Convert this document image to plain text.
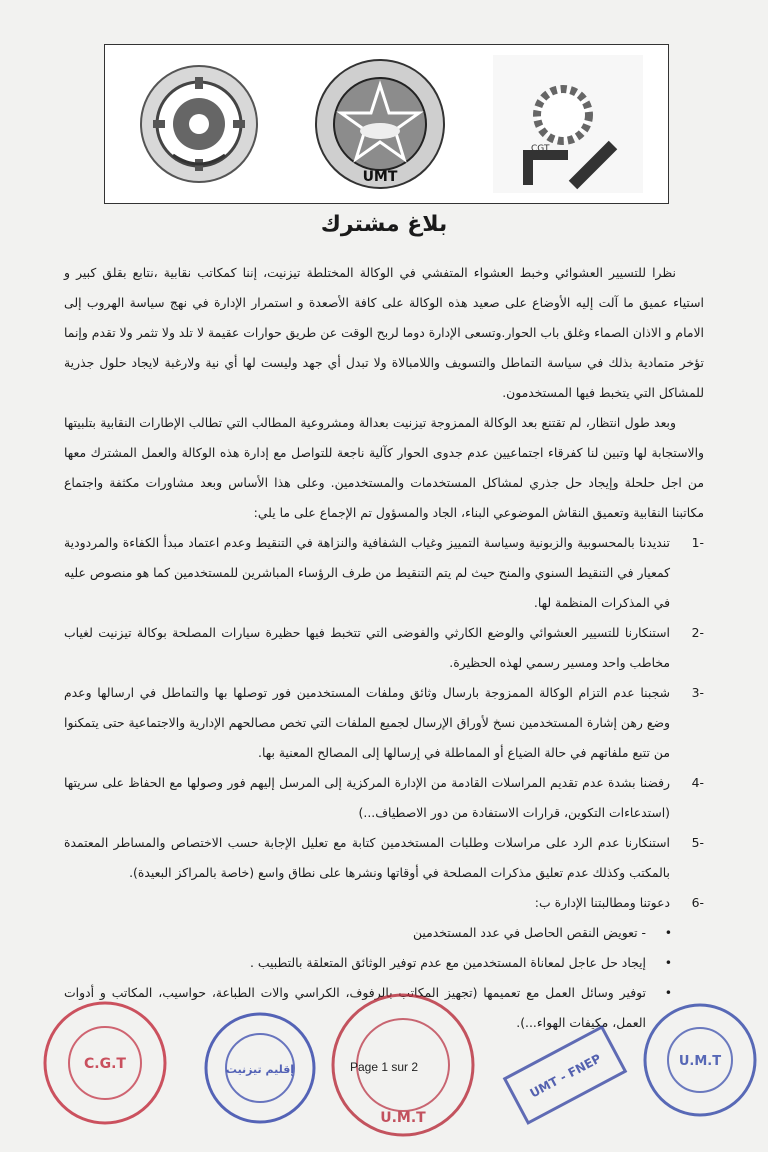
UMT
CGT
بلاغ مشترك

نظرا للتسيير العشوائي وخبط العشواء المتفشي في الوكالة المختلطة تيزنيت، إننا كمكاتب نقابية ،نتابع بقلق كبير و استياء عميق ما آلت إليه الأوضاع على صعيد هذه الوكالة على كافة الأصعدة و استمرار الإدارة في نهج سياسة الهروب إلى الامام و الاذان الصماء وغلق باب الحوار.وتسعى الإدارة دوما لربح الوقت عن طريق حوارات عقيمة لا تلد ولا تثمر ولا تقدم وإنما تؤخر متمادية بذلك في سياسة التماطل والتسويف واللامبالاة ولا تبدل أي جهد وليست لها أي نية ولارغبة لايجاد حلول جذرية للمشاكل التي يتخبط فيها المستخدمون.

وبعد طول انتظار، لم تقتنع بعد الوكالة الممزوجة تيزنيت بعدالة ومشروعية المطالب التي تطالب الإطارات النقابية بتلبيتها والاستجابة لها وتبين لنا كفرقاء اجتماعيين عدم جدوى الحوار كآلية ناجعة للتواصل مع إدارة هذه الوكالة والعمل المشترك معها من اجل حلحلة وإيجاد حل جذري لمشاكل المستخدمات والمستخدمين. وعلى هذا الأساس وبعد مشاورات مكثفة واجتماع مكاتبنا النقابية وتعميق النقاش الموضوعي البناء، الجاد والمسؤول تم الإجماع على ما يلي:

1-
تنديدنا بالمحسوبية والزبونية وسياسة التمييز وغياب الشفافية والنزاهة في التنقيط وعدم اعتماد مبدأ الكفاءة والمردودية كمعيار في التنقيط السنوي والمنح حيث لم يتم التنقيط من طرف الرؤساء المباشرين للمستخدمين كما هو منصوص عليه في المذكرات المنظمة لها.
2-
استنكارنا للتسيير العشوائي والوضع الكارثي والفوضى التي تتخبط فيها حظيرة سيارات المصلحة بوكالة تيزنيت لغياب مخاطب واحد ومسير رسمي لهذه الحظيرة.
3-
شجبنا عدم التزام الوكالة الممزوجة بارسال وثائق وملفات المستخدمين فور توصلها بها والتماطل في ارسالها وعدم وضع رهن إشارة المستخدمين نسخ لأوراق الإرسال لجميع الملفات التي تخص مصالحهم الإدارية والاجتماعية حتى يتمكنوا من تتبع ملفاتهم في حالة الضياع أو المماطلة في إرسالها إلى المصالح المعنية بها.
4-
رفضنا بشدة عدم تقديم المراسلات القادمة من الإدارة المركزية إلى المرسل إليهم فور وصولها مع الحفاظ على سريتها (استدعاءات التكوين، قرارات الاستفادة من دور الاصطياف...)
5-
استنكارنا عدم الرد على مراسلات وطلبات المستخدمين كتابة مع تعليل الإجابة حسب الاختصاص والمساطر المعتمدة بالمكتب وكذلك عدم تعليق مذكرات المصلحة في أوقاتها ونشرها على نطاق واسع (خاصة بالمراكز البعيدة).
6-
دعوتنا ومطالبتنا الإدارة ب:
• - تعويض النقص الحاصل في عدد المستخدمين
• إيجاد حل عاجل لمعاناة المستخدمين مع عدم توفير الوثائق المتعلقة بالتطبيب .
• توفير وسائل العمل مع تعميمها (تجهيز المكاتب بالرفوف، الكراسي والات الطباعة، حواسيب، المكاتب و أدوات العمل، مكيفات الهواء...).
C.G.T	إقليم تيزنيت
U.M.T
UMT - FNEP	U.M.T
Page 1 sur 2
